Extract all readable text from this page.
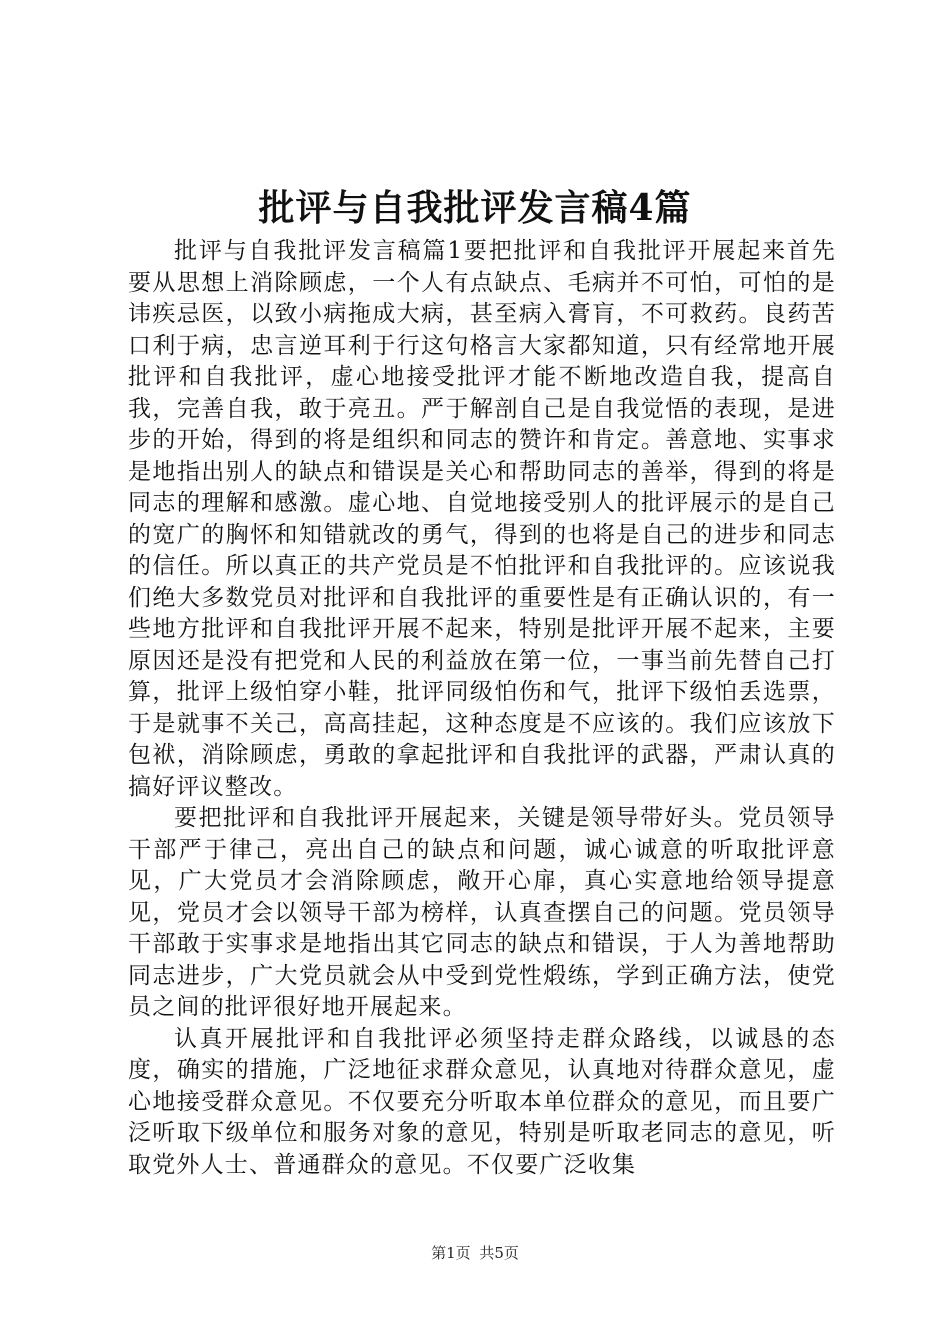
批评与自我批评发言稿4篇

批评与自我批评发言稿篇1要把批评和自我批评开展起来首先要从思想上消除顾虑，一个人有点缺点、毛病并不可怕，可怕的是讳疾忌医，以致小病拖成大病，甚至病入膏肓，不可救药。良药苦口利于病，忠言逆耳利于行这句格言大家都知道，只有经常地开展批评和自我批评，虚心地接受批评才能不断地改造自我，提高自我，完善自我，敢于亮丑。严于解剖自己是自我觉悟的表现，是进步的开始，得到的将是组织和同志的赞许和肯定。善意地、实事求是地指出别人的缺点和错误是关心和帮助同志的善举，得到的将是同志的理解和感激。虚心地、自觉地接受别人的批评展示的是自己的宽广的胸怀和知错就改的勇气，得到的也将是自己的进步和同志的信任。所以真正的共产党员是不怕批评和自我批评的。应该说我们绝大多数党员对批评和自我批评的重要性是有正确认识的，有一些地方批评和自我批评开展不起来，特别是批评开展不起来，主要原因还是没有把党和人民的利益放在第一位，一事当前先替自己打算，批评上级怕穿小鞋，批评同级怕伤和气，批评下级怕丢选票，于是就事不关己，高高挂起，这种态度是不应该的。我们应该放下包袱，消除顾虑，勇敢的拿起批评和自我批评的武器，严肃认真的搞好评议整改。

要把批评和自我批评开展起来，关键是领导带好头。党员领导干部严于律己，亮出自己的缺点和问题，诚心诚意的听取批评意见，广大党员才会消除顾虑，敞开心扉，真心实意地给领导提意见，党员才会以领导干部为榜样，认真查摆自己的问题。党员领导干部敢于实事求是地指出其它同志的缺点和错误，于人为善地帮助同志进步，广大党员就会从中受到党性煅练，学到正确方法，使党员之间的批评很好地开展起来。

认真开展批评和自我批评必须坚持走群众路线，以诚恳的态度，确实的措施，广泛地征求群众意见，认真地对待群众意见，虚心地接受群众意见。不仅要充分听取本单位群众的意见，而且要广泛听取下级单位和服务对象的意见，特别是听取老同志的意见，听取党外人士、普通群众的意见。不仅要广泛收集

第1页 共5页
